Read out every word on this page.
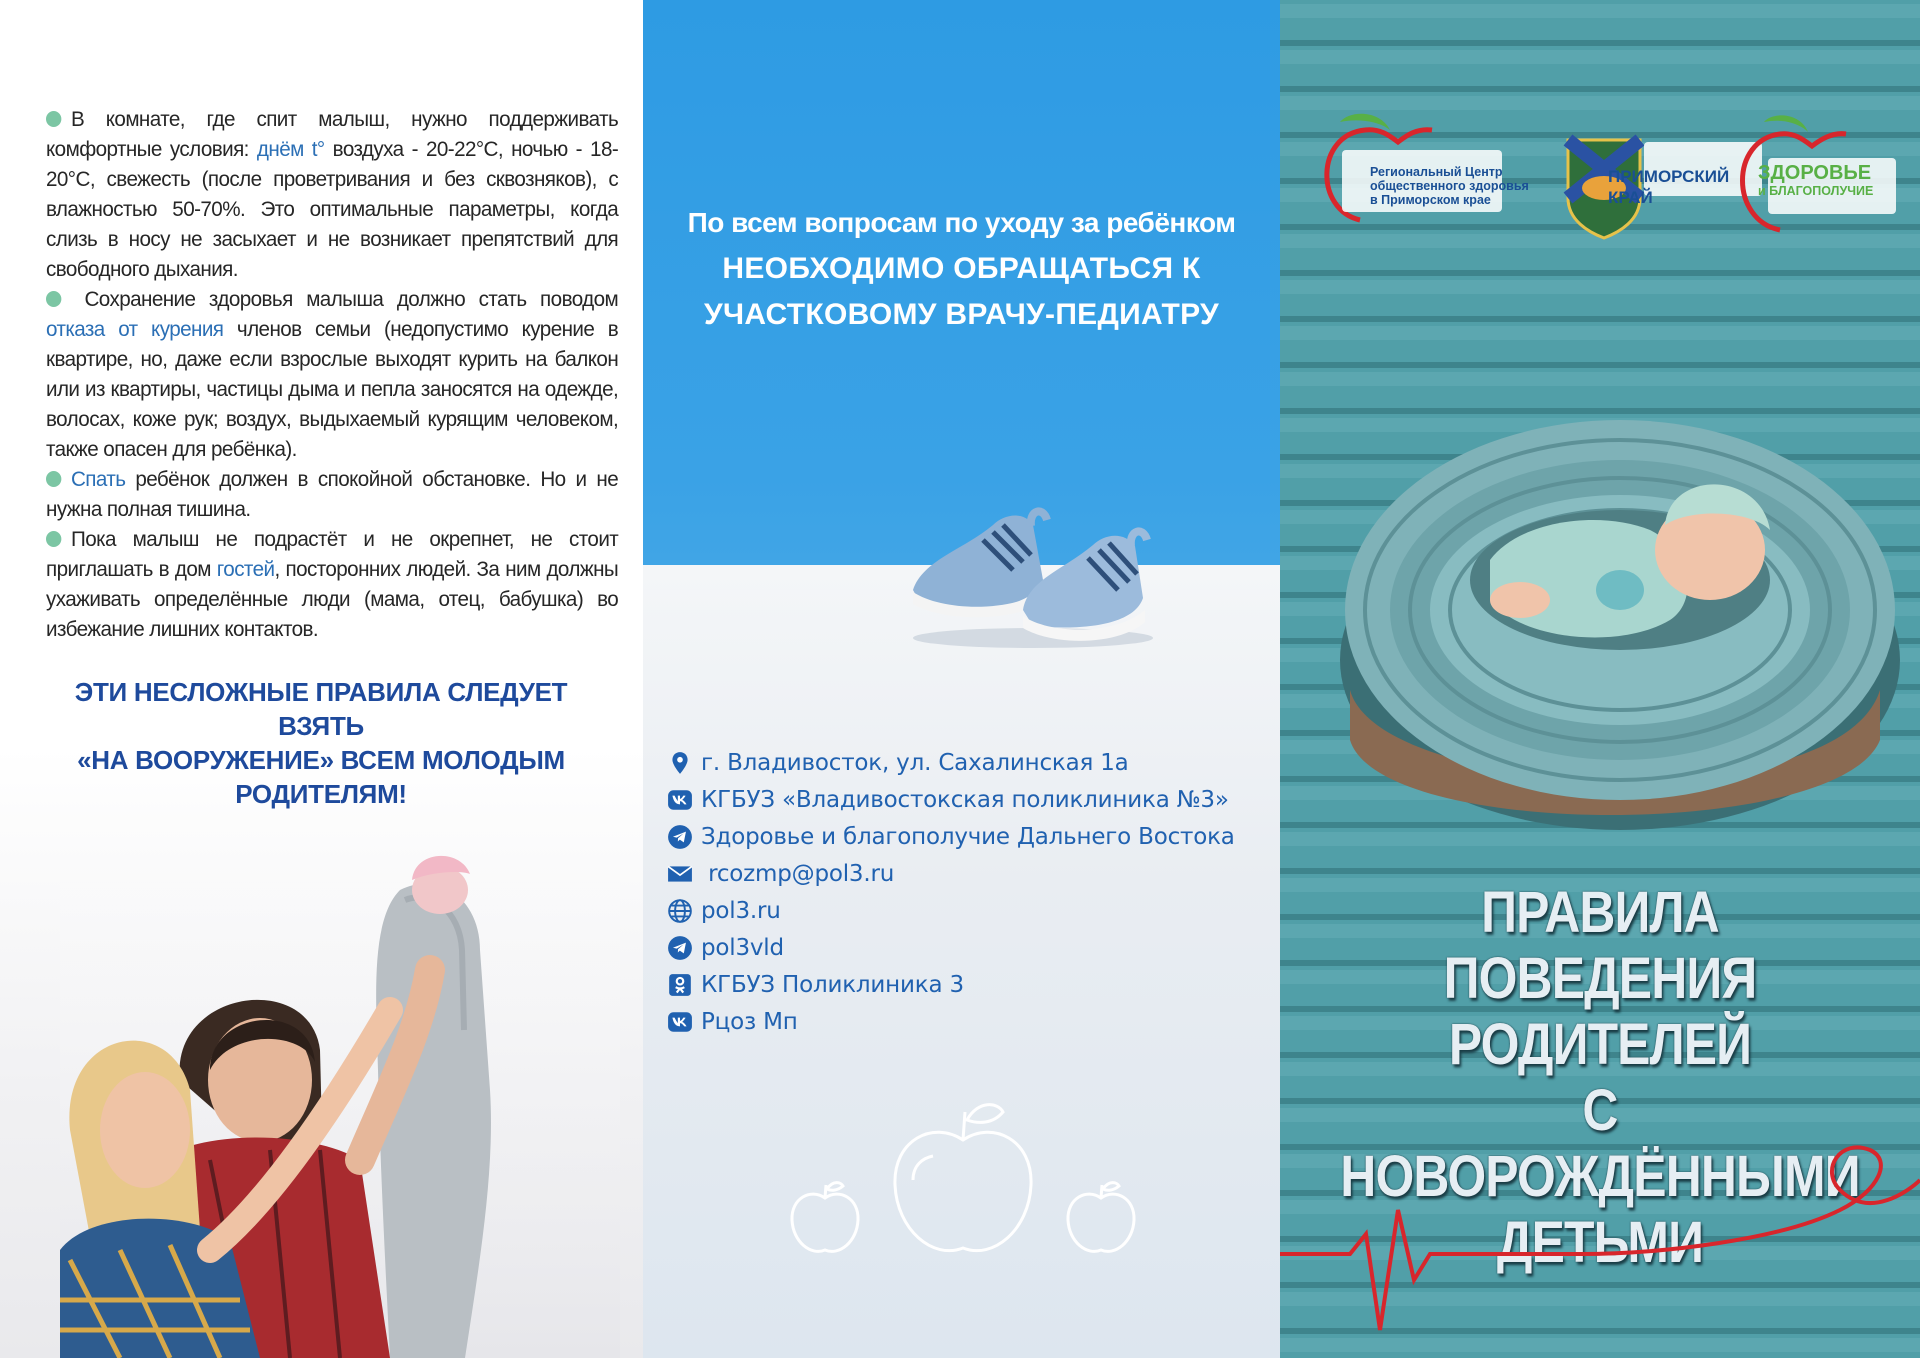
В комнате, где спит малыш, нужно поддерживать комфортные условия: днём t° воздуха - 20-22°С, ночью - 18-20°С, свежесть (после проветривания и без сквозняков), с влажностью 50-70%. Это оптимальные параметры, когда слизь в носу не засыхает и не возникает препятствий для свободного дыхания.

Сохранение здоровья малыша должно стать поводом отказа от курения членов семьи (недопустимо курение в квартире, но, даже если взрослые выходят курить на балкон или из квартиры, частицы дыма и пепла заносятся на одежде, волосах, коже рук; воздух, выдыхаемый курящим человеком, также опасен для ребёнка).

Спать ребёнок должен в спокойной обстановке. Но и не нужна полная тишина.

Пока малыш не подрастёт и не окрепнет, не стоит приглашать в дом гостей, посторонних людей. За ним должны ухаживать определённые люди (мама, отец, бабушка) во избежание лишних контактов.

ЭТИ НЕСЛОЖНЫЕ ПРАВИЛА СЛЕДУЕТ ВЗЯТЬ
«НА ВООРУЖЕНИЕ» ВСЕМ МОЛОДЫМ
РОДИТЕЛЯМ!
По всем вопросам по уходу за ребёнком
НЕОБХОДИМО ОБРАЩАТЬСЯ К
УЧАСТКОВОМУ ВРАЧУ-ПЕДИАТРУ
г. Владивосток, ул. Сахалинская 1а
КГБУЗ «Владивостокская поликлиника №3»
Здоровье и благополучие Дальнего Востока
rcozmp@pol3.ru
pol3.ru
pol3vld
КГБУЗ Поликлиника 3
Рцоз Мп
Региональный Центр
общественного здоровья
в Приморском крае
ПРИМОРСКИЙ
КРАЙ
ЗДОРОВЬЕ
и БЛАГОПОЛУЧИЕ
ПРАВИЛА
ПОВЕДЕНИЯ РОДИТЕЛЕЙ
С НОВОРОЖДЁННЫМИ
ДЕТЬМИ
